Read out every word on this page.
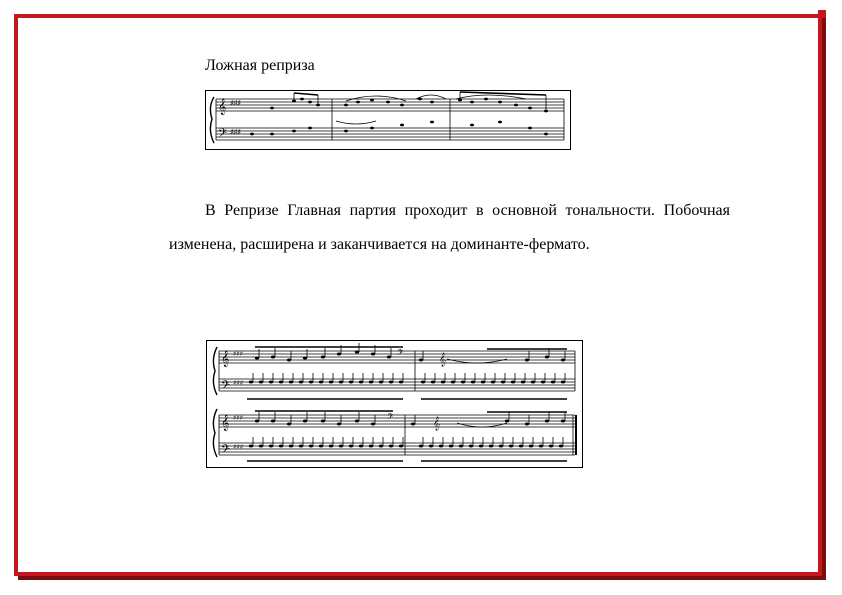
Ложная реприза
𝄞
𝄢
♯♯♯
♯♯♯
В Репризе Главная партия проходит в основной тональности. Побочная изменена, расширена и заканчивается на доминанте-фермато.
𝄞
𝄢
𝄞
𝄢
♯♯♯
♯♯♯
♯♯♯
♯♯♯
𝄢	𝄞
𝄢	𝄞
